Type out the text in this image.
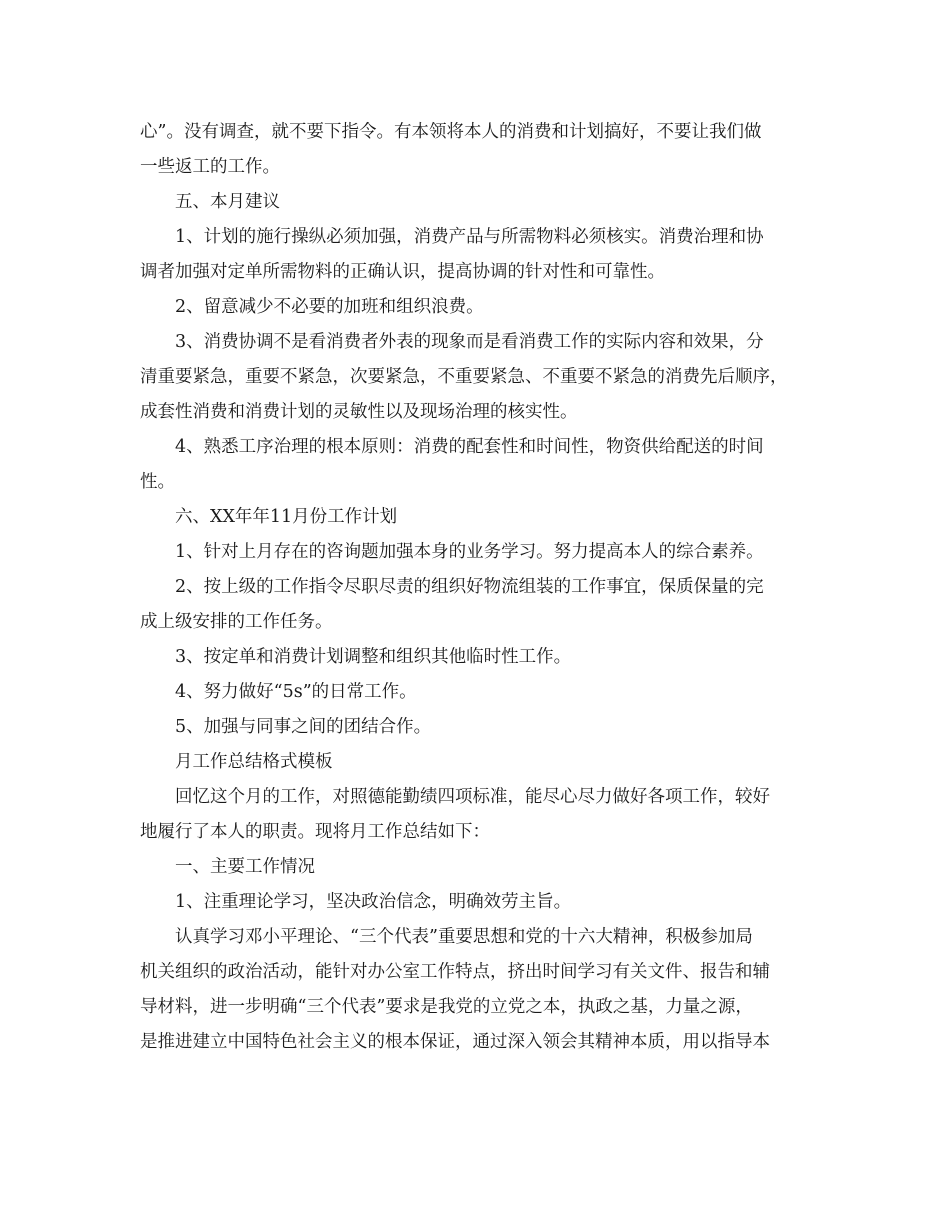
心”。没有调查，就不要下指令。有本领将本人的消费和计划搞好，不要让我们做

一些返工的工作。

　　五、本月建议

　　1、计划的施行操纵必须加强，消费产品与所需物料必须核实。消费治理和协

调者加强对定单所需物料的正确认识，提高协调的针对性和可靠性。

　　2、留意减少不必要的加班和组织浪费。

　　3、消费协调不是看消费者外表的现象而是看消费工作的实际内容和效果，分

清重要紧急，重要不紧急，次要紧急，不重要紧急、不重要不紧急的消费先后顺序，

成套性消费和消费计划的灵敏性以及现场治理的核实性。

　　4、熟悉工序治理的根本原则：消费的配套性和时间性，物资供给配送的时间

性。

　　六、XX年年11月份工作计划

　　1、针对上月存在的咨询题加强本身的业务学习。努力提高本人的综合素养。

　　2、按上级的工作指令尽职尽责的组织好物流组装的工作事宜，保质保量的完

成上级安排的工作任务。

　　3、按定单和消费计划调整和组织其他临时性工作。

　　4、努力做好“5s”的日常工作。

　　5、加强与同事之间的团结合作。

　　月工作总结格式模板

　　回忆这个月的工作，对照德能勤绩四项标准，能尽心尽力做好各项工作，较好

地履行了本人的职责。现将月工作总结如下：

　　一、主要工作情况

　　1、注重理论学习，坚决政治信念，明确效劳主旨。

　　认真学习邓小平理论、“三个代表”重要思想和党的十六大精神，积极参加局

机关组织的政治活动，能针对办公室工作特点，挤出时间学习有关文件、报告和辅

导材料，进一步明确“三个代表”要求是我党的立党之本，执政之基，力量之源，

是推进建立中国特色社会主义的根本保证，通过深入领会其精神本质，用以指导本
